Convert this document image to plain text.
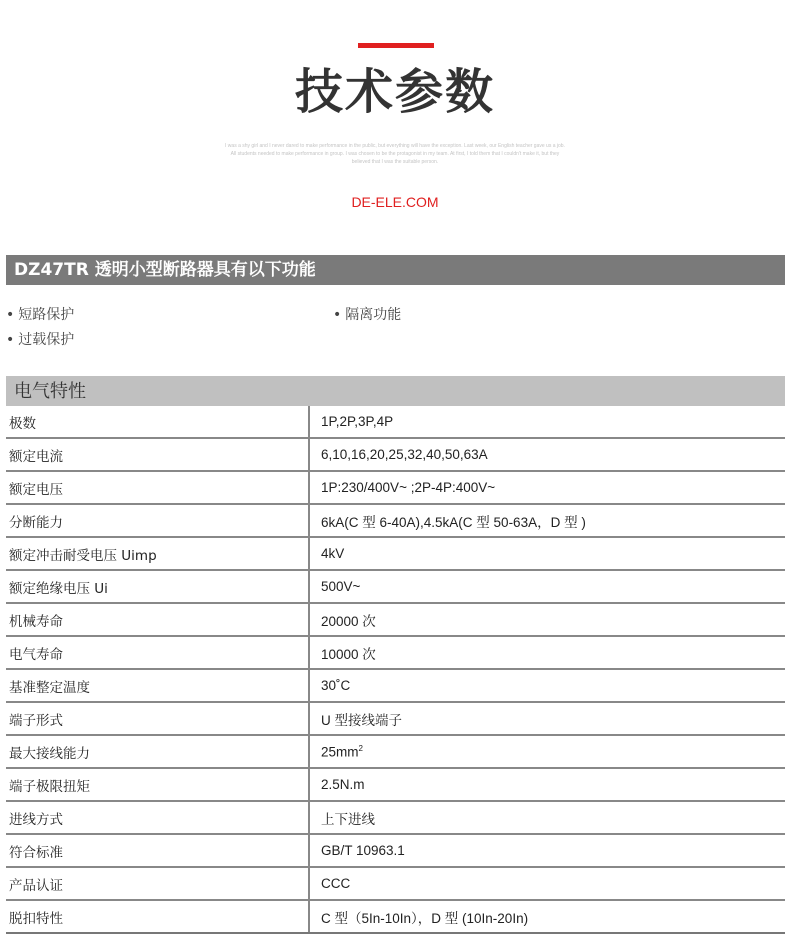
技术参数
I was a shy girl and I never dared to make performance in the public, but everything will have the exception. Last week, our English teacher gave us a job. All students needed to make performance in group. I was chosen to be the protagonist in my team. At first, I told them that I couldn't make it, but they believed that I was the suitable person.
DE-ELE.COM
DZ47TR 透明小型断路器具有以下功能
• 短路保护	• 隔离功能
• 过载保护
电气特性
极数	1P,2P,3P,4P
额定电流	6,10,16,20,25,32,40,50,63A
额定电压	1P:230/400V~ ;2P-4P:400V~
分断能力	6kA(C 型 6-40A),4.5kA(C 型 50-63A，D 型 )
额定冲击耐受电压 Uimp	4kV
额定绝缘电压 Ui	500V~
机械寿命	20000 次
电气寿命	10000 次
基准整定温度	30˚C
端子形式	U 型接线端子
最大接线能力	$25mm^2$
端子极限扭矩	2.5N.m
进线方式	上下进线
符合标准	GB/T 10963.1
产品认证	CCC
脱扣特性	C 型（5In-10In），D 型 (10In-20In)
